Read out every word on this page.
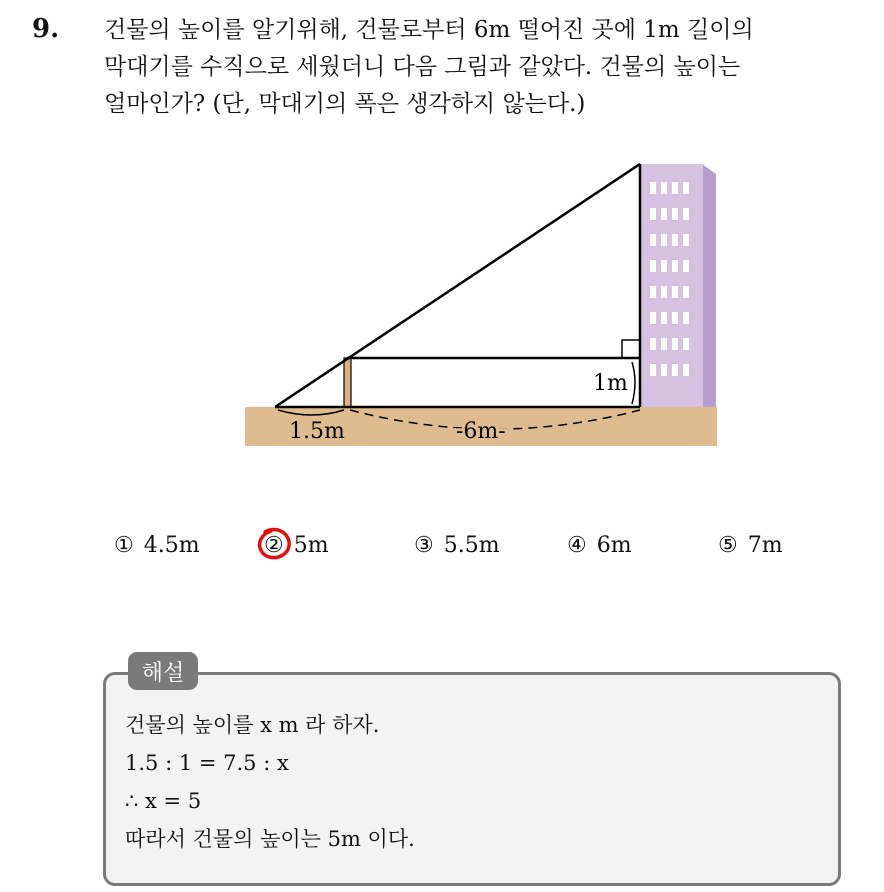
9. 건물의 높이를 알기위해, 건물로부터 6m 떨어진 곳에 1m 길이의
막대기를 수직으로 세웠더니 다음 그림과 같았다. 건물의 높이는
얼마인가? (단, 막대기의 폭은 생각하지 않는다.)
1m
1.5m	-6m-
① 4.5m	② 5m	③ 5.5m	④ 6m	⑤ 7m
해설
건물의 높이를 x m 라 하자.
1.5 : 1 = 7.5 : x
∴ x = 5
따라서 건물의 높이는 5m 이다.
